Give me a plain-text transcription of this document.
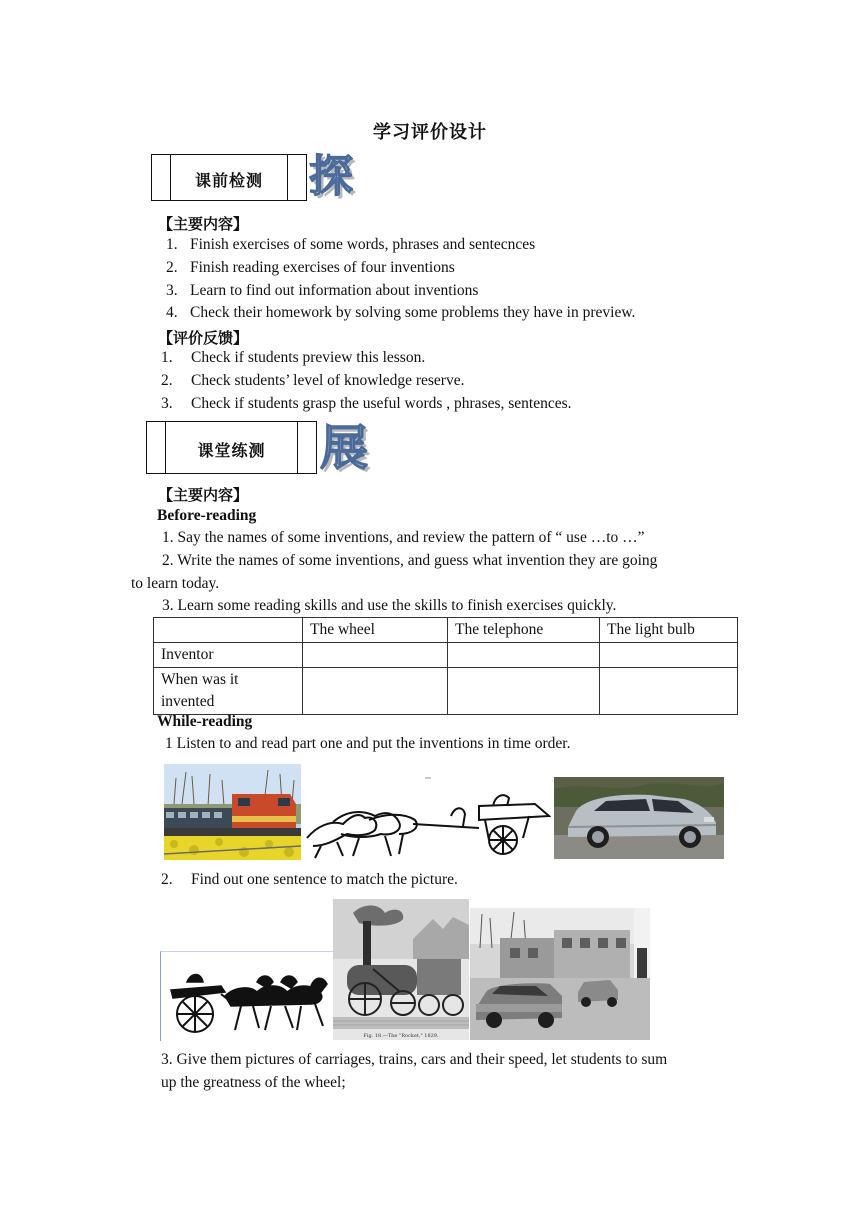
学习评价设计
课前检测	探
【主要内容】
1. Finish exercises of some words, phrases and sentecnces
2. Finish reading exercises of four inventions
3. Learn to find out information about inventions
4. Check their homework by solving some problems they have in preview.
【评价反馈】
1. Check if students preview this lesson.
2. Check students’ level of knowledge reserve.
3. Check if students grasp the useful words , phrases, sentences.
课堂练测	展
【主要内容】
Before-reading
1. Say the names of some inventions, and review the pattern of “ use …to …”
2. Write the names of some inventions, and guess what invention they are going
to learn today.
3. Learn some reading skills and use the skills to finish exercises quickly.
	The wheel	The telephone	The light bulb
Inventor			
When was it invented			
While-reading
1 Listen to and read part one and put the inventions in time order.
2. Find out one sentence to match the picture.
Fig. 18.—The "Rocket," 1829.
3. Give them pictures of carriages, trains, cars and their speed, let students to sum
up the greatness of the wheel;
